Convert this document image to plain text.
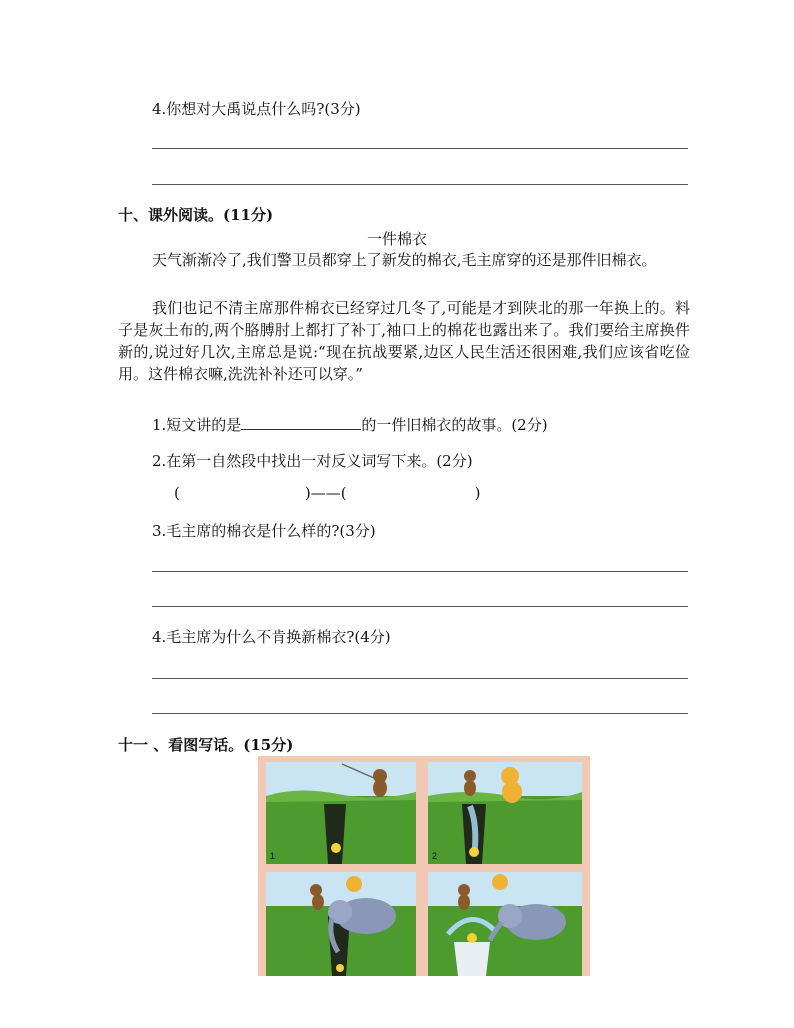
4.你想对大禹说点什么吗?(3分)
十、课外阅读。(11分)
一件棉衣

天气渐渐冷了,我们警卫员都穿上了新发的棉衣,毛主席穿的还是那件旧棉衣。

我们也记不清主席那件棉衣已经穿过几冬了,可能是才到陕北的那一年换上的。料子是灰土布的,两个胳膊肘上都打了补丁,袖口上的棉花也露出来了。我们要给主席换件新的,说过好几次,主席总是说:“现在抗战要紧,边区人民生活还很困难,我们应该省吃俭用。这件棉衣嘛,洗洗补补还可以穿。”

1.短文讲的是	的一件旧棉衣的故事。(2分)
2.在第一自然段中找出一对反义词写下来。(2分)
(	)——(	)
3.毛主席的棉衣是什么样的?(3分)
4.毛主席为什么不肯换新棉衣?(4分)
十一 、看图写话。(15分)
1	2
